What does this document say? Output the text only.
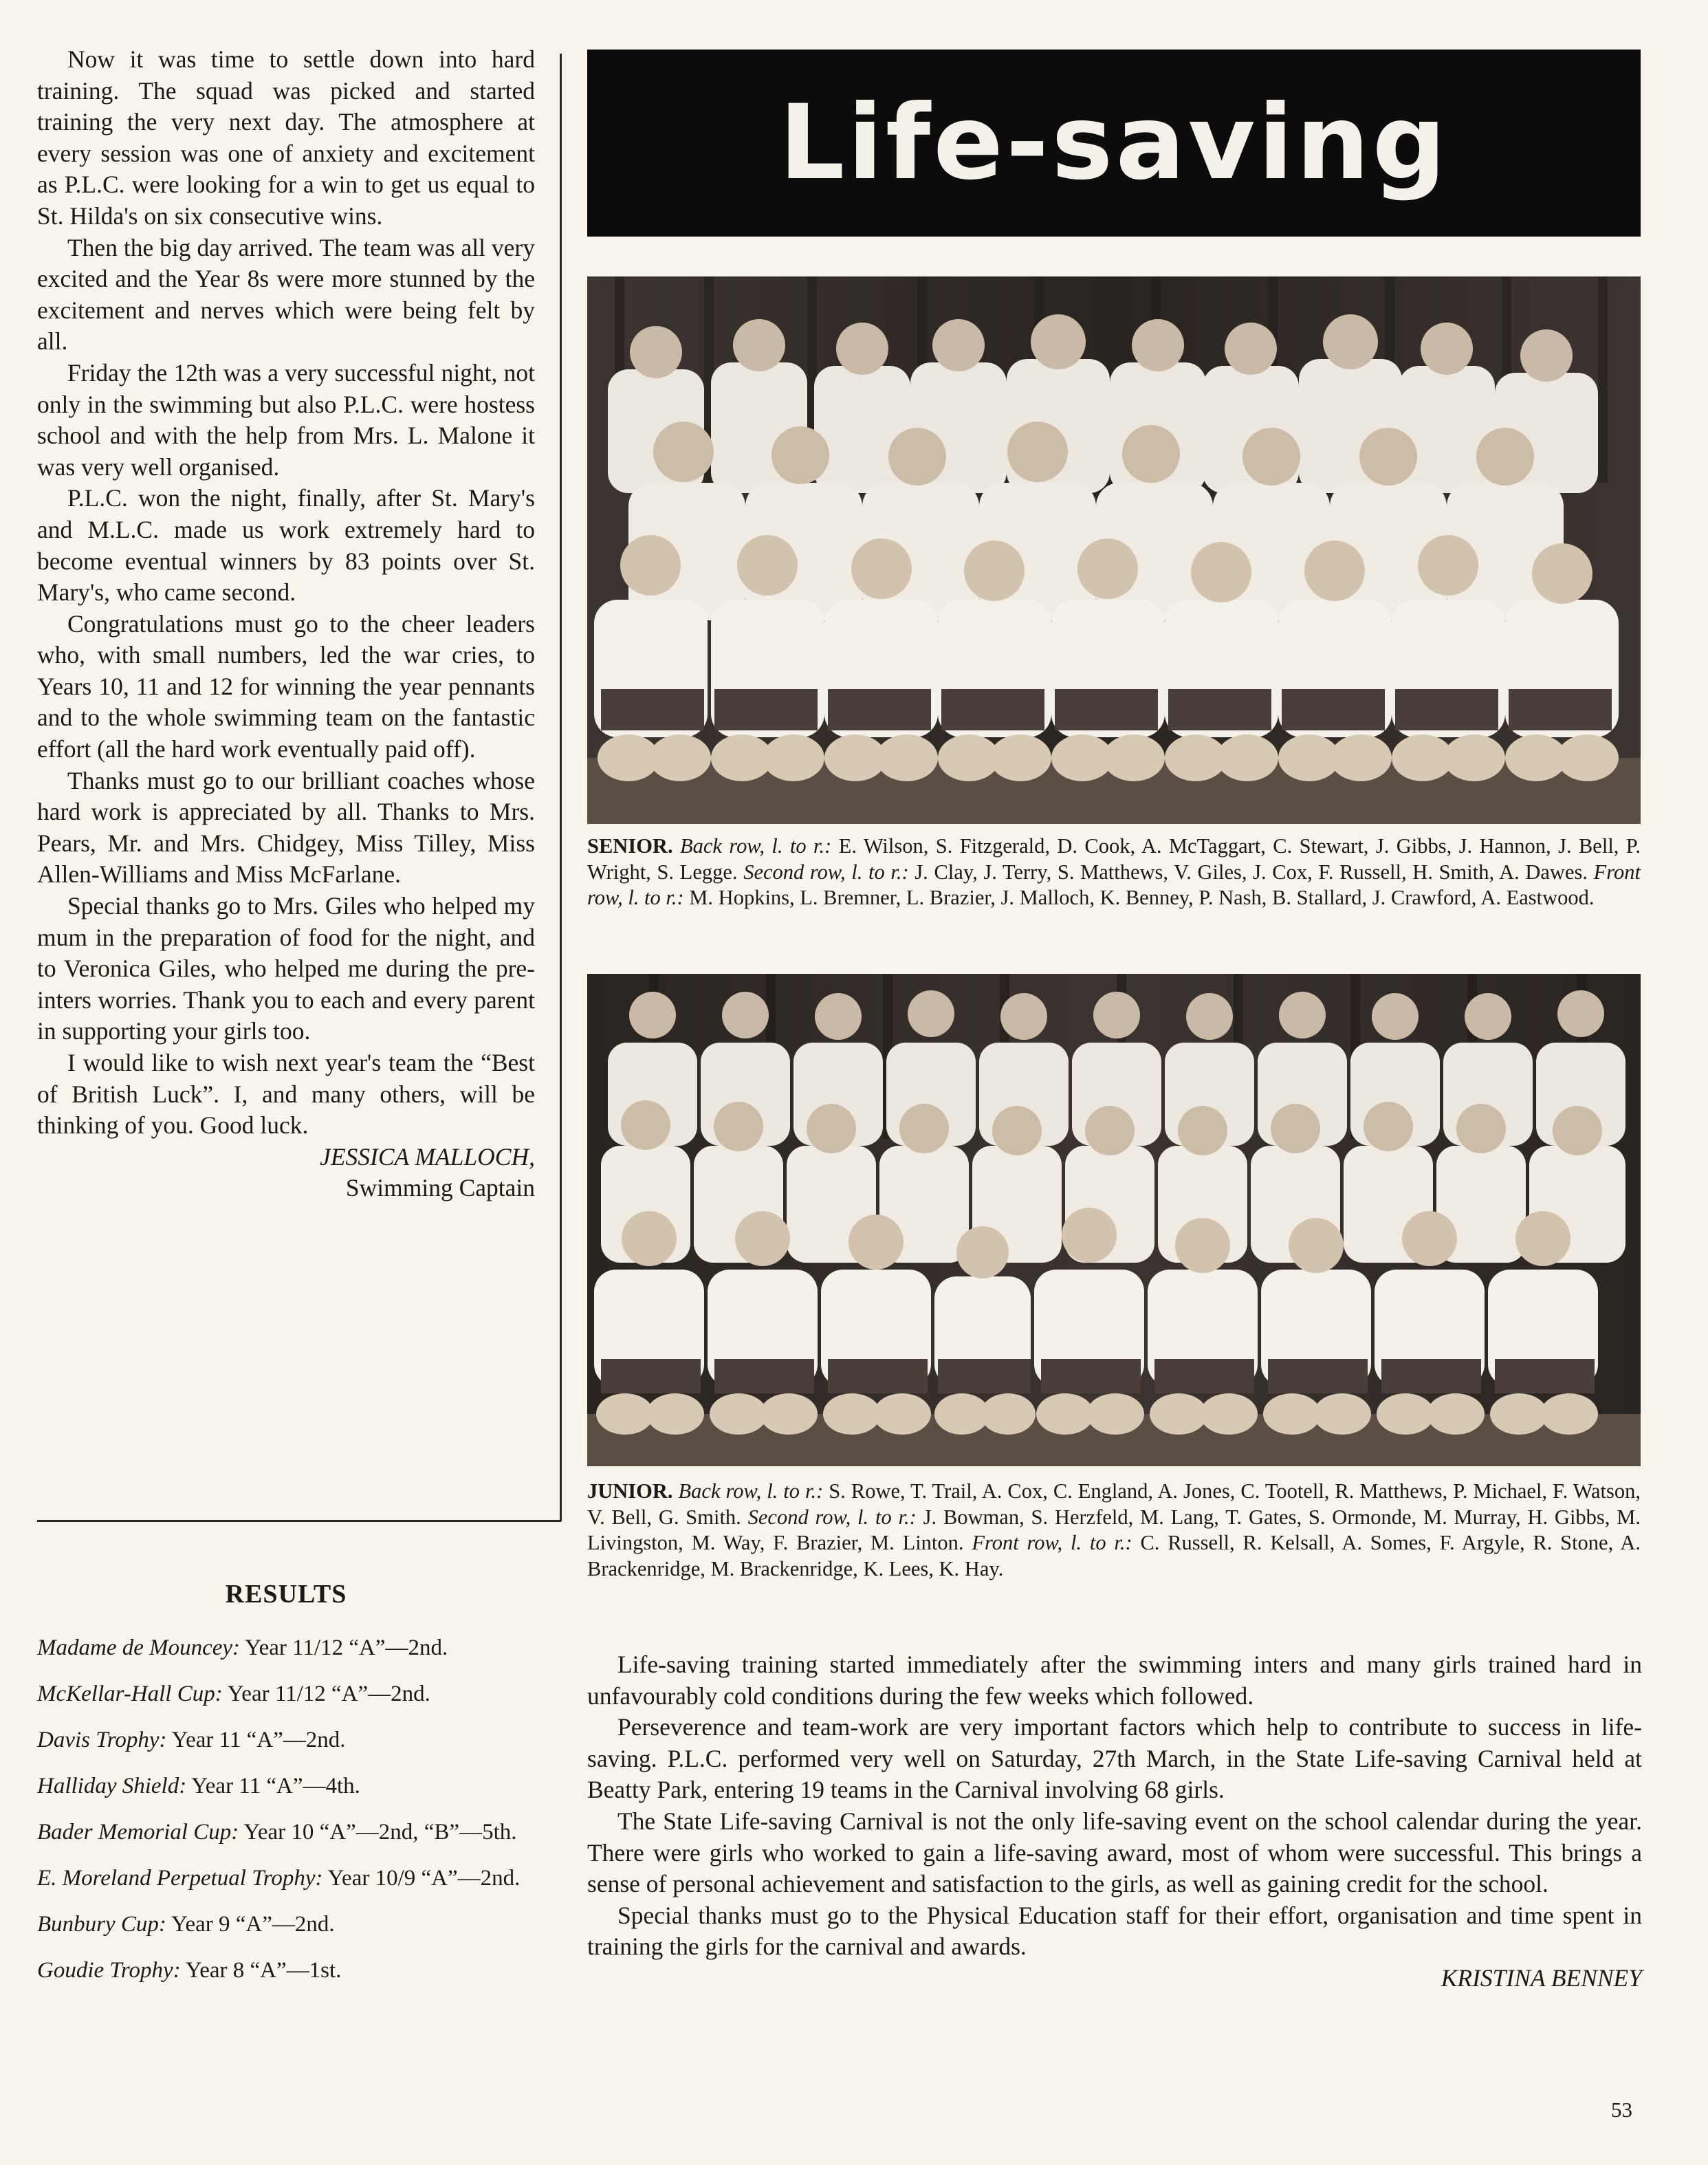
Now it was time to settle down into hard training. The squad was picked and started training the very next day. The atmosphere at every session was one of anxiety and excitement as P.L.C. were looking for a win to get us equal to St. Hilda's on six consecutive wins.

Then the big day arrived. The team was all very excited and the Year 8s were more stunned by the excitement and nerves which were being felt by all.

Friday the 12th was a very successful night, not only in the swimming but also P.L.C. were hostess school and with the help from Mrs. L. Malone it was very well organised.

P.L.C. won the night, finally, after St. Mary's and M.L.C. made us work extremely hard to become eventual winners by 83 points over St. Mary's, who came second.

Congratulations must go to the cheer leaders who, with small numbers, led the war cries, to Years 10, 11 and 12 for winning the year pennants and to the whole swimming team on the fantastic effort (all the hard work eventually paid off).

Thanks must go to our brilliant coaches whose hard work is appreciated by all. Thanks to Mrs. Pears, Mr. and Mrs. Chidgey, Miss Tilley, Miss Allen-Williams and Miss McFarlane.

Special thanks go to Mrs. Giles who helped my mum in the preparation of food for the night, and to Veronica Giles, who helped me during the pre-inters worries. Thank you to each and every parent in supporting your girls too.

I would like to wish next year's team the “Best of British Luck”. I, and many others, will be thinking of you. Good luck.

JESSICA MALLOCH,

Swimming Captain

RESULTS
Madame de Mouncey: Year 11/12 “A”—2nd.
McKellar-Hall Cup: Year 11/12 “A”—2nd.
Davis Trophy: Year 11 “A”—2nd.
Halliday Shield: Year 11 “A”—4th.
Bader Memorial Cup: Year 10 “A”—2nd, “B”—5th.
E. Moreland Perpetual Trophy: Year 10/9 “A”—2nd.
Bunbury Cup: Year 9 “A”—2nd.
Goudie Trophy: Year 8 “A”—1st.
Life-saving
SENIOR. Back row, l. to r.: E. Wilson, S. Fitzgerald, D. Cook, A. McTaggart, C. Stewart, J. Gibbs, J. Hannon, J. Bell, P. Wright, S. Legge. Second row, l. to r.: J. Clay, J. Terry, S. Matthews, V. Giles, J. Cox, F. Russell, H. Smith, A. Dawes. Front row, l. to r.: M. Hopkins, L. Bremner, L. Brazier, J. Malloch, K. Benney, P. Nash, B. Stallard, J. Crawford, A. Eastwood.
JUNIOR. Back row, l. to r.: S. Rowe, T. Trail, A. Cox, C. England, A. Jones, C. Tootell, R. Matthews, P. Michael, F. Watson, V. Bell, G. Smith. Second row, l. to r.: J. Bowman, S. Herzfeld, M. Lang, T. Gates, S. Ormonde, M. Murray, H. Gibbs, M. Livingston, M. Way, F. Brazier, M. Linton. Front row, l. to r.: C. Russell, R. Kelsall, A. Somes, F. Argyle, R. Stone, A. Brackenridge, M. Brackenridge, K. Lees, K. Hay.

Life-saving training started immediately after the swimming inters and many girls trained hard in unfavourably cold conditions during the few weeks which followed.

Perseverence and team-work are very important factors which help to contribute to success in life-saving. P.L.C. performed very well on Saturday, 27th March, in the State Life-saving Carnival held at Beatty Park, entering 19 teams in the Carnival involving 68 girls.

The State Life-saving Carnival is not the only life-saving event on the school calendar during the year. There were girls who worked to gain a life-saving award, most of whom were successful. This brings a sense of personal achievement and satisfaction to the girls, as well as gaining credit for the school.

Special thanks must go to the Physical Education staff for their effort, organisation and time spent in training the girls for the carnival and awards.

KRISTINA BENNEY

53
